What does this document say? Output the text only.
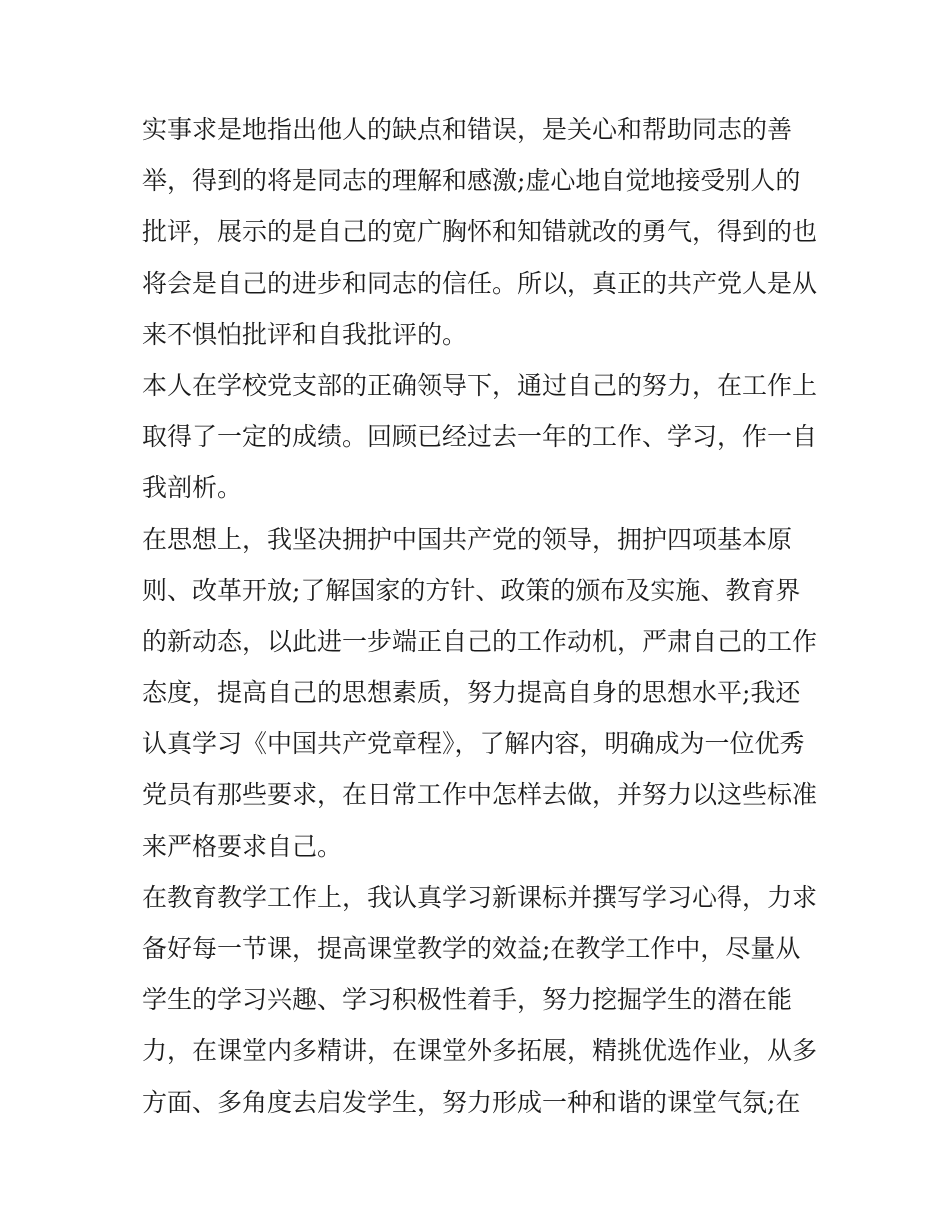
实事求是地指出他人的缺点和错误，是关心和帮助同志的善
举，得到的将是同志的理解和感激;虚心地自觉地接受别人的
批评，展示的是自己的宽广胸怀和知错就改的勇气，得到的也
将会是自己的进步和同志的信任。所以，真正的共产党人是从
来不惧怕批评和自我批评的。
本人在学校党支部的正确领导下，通过自己的努力，在工作上
取得了一定的成绩。回顾已经过去一年的工作、学习，作一自
我剖析。
在思想上，我坚决拥护中国共产党的领导，拥护四项基本原
则、改革开放;了解国家的方针、政策的颁布及实施、教育界
的新动态，以此进一步端正自己的工作动机，严肃自己的工作
态度，提高自己的思想素质，努力提高自身的思想水平;我还
认真学习《中国共产党章程》，了解内容，明确成为一位优秀
党员有那些要求，在日常工作中怎样去做，并努力以这些标准
来严格要求自己。
在教育教学工作上，我认真学习新课标并撰写学习心得，力求
备好每一节课，提高课堂教学的效益;在教学工作中，尽量从
学生的学习兴趣、学习积极性着手，努力挖掘学生的潜在能
力，在课堂内多精讲，在课堂外多拓展，精挑优选作业，从多
方面、多角度去启发学生，努力形成一种和谐的课堂气氛;在
